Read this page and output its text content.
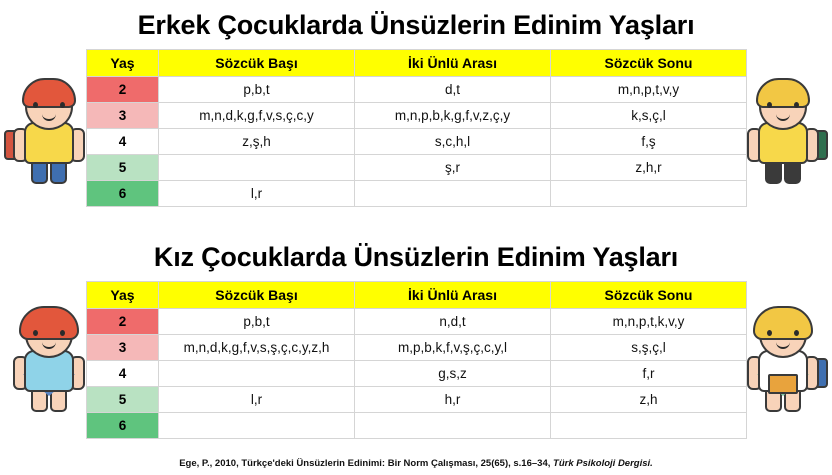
Erkek Çocuklarda Ünsüzlerin Edinim Yaşları
Yaş	Sözcük Başı	İki Ünlü Arası	Sözcük Sonu
2	p,b,t	d,t	m,n,p,t,v,y
3	m,n,d,k,g,f,v,s,ç,c,y	m,n,p,b,k,g,f,v,z,ç,y	k,s,ç,l
4	z,ş,h	s,c,h,l	f,ş
5		ş,r	z,h,r
6	l,r		
Kız Çocuklarda Ünsüzlerin Edinim Yaşları
Yaş	Sözcük Başı	İki Ünlü Arası	Sözcük Sonu
2	p,b,t	n,d,t	m,n,p,t,k,v,y
3	m,n,d,k,g,f,v,s,ş,ç,c,y,z,h	m,p,b,k,f,v,ş,ç,c,y,l	s,ş,ç,l
4		g,s,z	f,r
5	l,r	h,r	z,h
6			
Ege, P., 2010, Türkçe'deki Ünsüzlerin Edinimi: Bir Norm Çalışması, 25(65), s.16–34, Türk Psikoloji Dergisi.
